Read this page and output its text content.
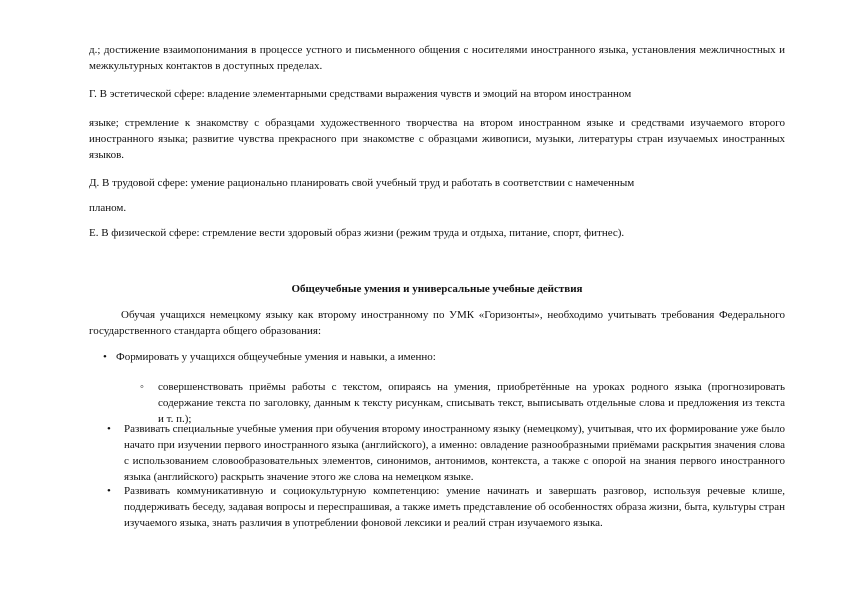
д.; достижение взаимопонимания в процессе устного и письменного общения с носителями иностранного языка, установления межличностных и межкультурных контактов в доступных пределах.

Г. В эстетической сфере: владение элементарными средствами выражения чувств и эмоций на втором иностранном

языке; стремление к знакомству с образцами художественного творчества на втором иностранном языке и средствами изучаемого второго иностранного языка; развитие чувства прекрасного при знакомстве с образцами живописи, музыки, литературы стран изучаемых иностранных языков.

Д. В трудовой сфере: умение рационально планировать свой учебный труд и работать в соответствии с намеченным

планом.

Е. В физической сфере: стремление вести здоровый образ жизни (режим труда и отдыха, питание, спорт, фитнес).

Общеучебные умения и универсальные учебные действия

Обучая учащихся немецкому языку как второму иностранному по УМК «Горизонты», необходимо учитывать требования Федерального государственного стандарта общего образования:

• Формировать у учащихся общеучебные умения и навыки, а именно:

◦ совершенствовать приёмы работы с текстом, опираясь на умения, приобретённые на уроках родного языка (прогнозировать содержание текста по заголовку, данным к тексту рисункам, списывать текст, выписывать отдельные слова и предложения из текста и т. п.);

• Развивать специальные учебные умения при обучения второму иностранному языку (немецкому), учитывая, что их формирование уже было начато при изучении первого иностранного языка (английского), а именно: овладение разнообразными приёмами раскрытия значения слова с использованием словообразовательных элементов, синонимов, антонимов, контекста, а также с опорой на знания первого иностранного языка (английского) раскрыть значение этого же слова на немецком языке.

• Развивать коммуникативную и социокультурную компетенцию: умение начинать и завершать разговор, используя речевые клише, поддерживать беседу, задавая вопросы и переспрашивая, а также иметь представление об особенностях образа жизни, быта, культуры стран изучаемого языка, знать различия в употреблении фоновой лексики и реалий стран изучаемого языка.
